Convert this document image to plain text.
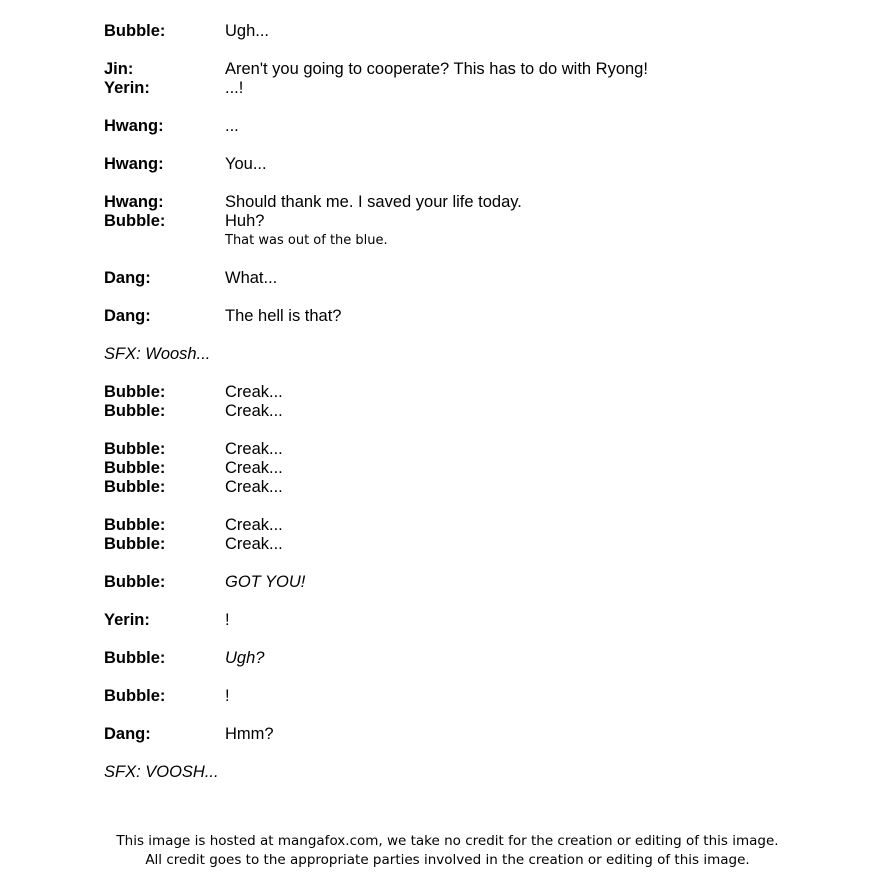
Bubble:	Ugh...
Jin:	Aren't you going to cooperate? This has to do with Ryong!
Yerin:	...!
Hwang:	...
Hwang:	You...
Hwang:	Should thank me. I saved your life today.
Bubble:	Huh?
That was out of the blue.
Dang:	What...
Dang:	The hell is that?
SFX: Woosh...
Bubble:	Creak...
Bubble:	Creak...
Bubble:	Creak...
Bubble:	Creak...
Bubble:	Creak...
Bubble:	Creak...
Bubble:	Creak...
Bubble:	GOT YOU!
Yerin:	!
Bubble:	Ugh?
Bubble:	!
Dang:	Hmm?
SFX: VOOSH...
This image is hosted at mangafox.com, we take no credit for the creation or editing of this image.
All credit goes to the appropriate parties involved in the creation or editing of this image.
